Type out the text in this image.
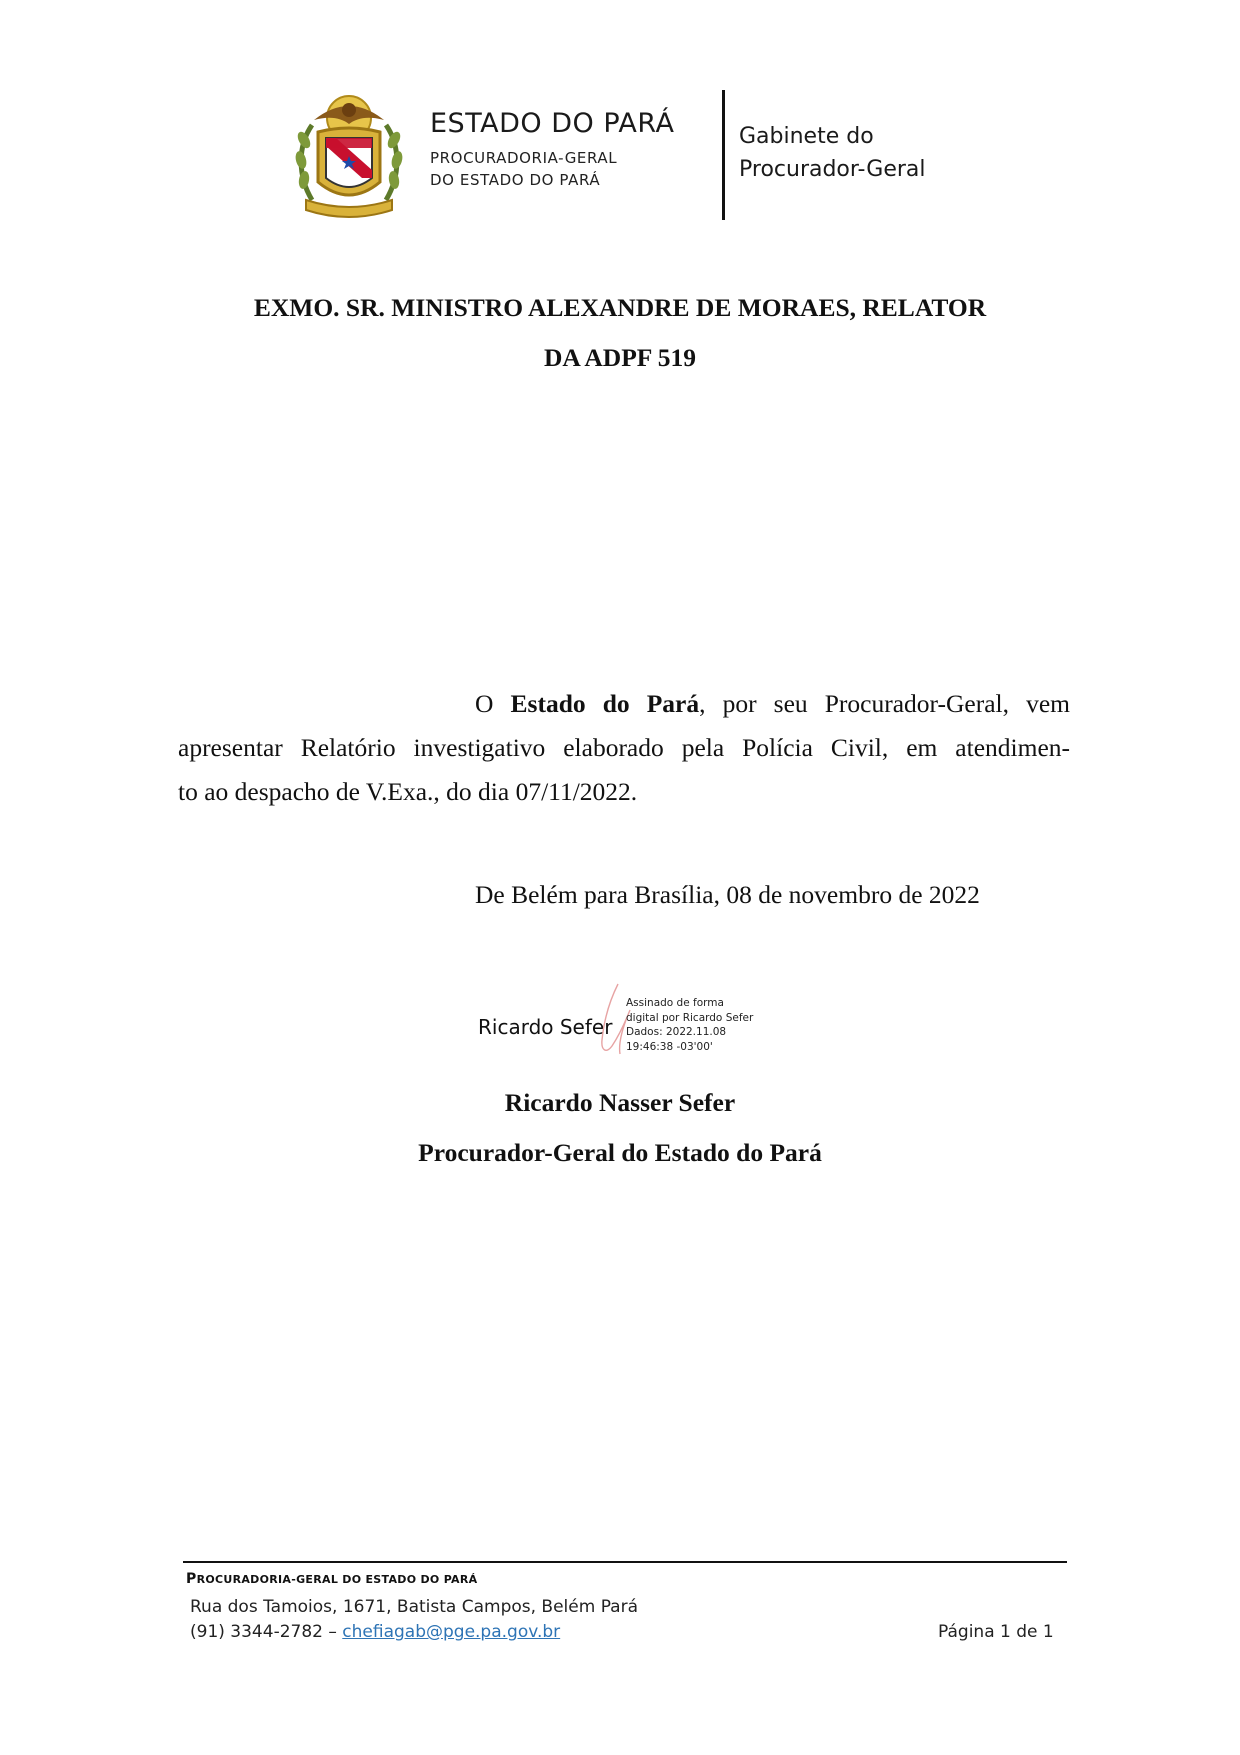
ESTADO DO PARÁ
PROCURADORIA-GERAL
DO ESTADO DO PARÁ
Gabinete do
Procurador-Geral
EXMO. SR. MINISTRO ALEXANDRE DE MORAES, RELATOR
DA ADPF 519
O Estado do Pará, por seu Procurador-Geral, vem
apresentar Relatório investigativo elaborado pela Polícia Civil, em atendimen-
to ao despacho de V.Exa., do dia 07/11/2022.
De Belém para Brasília, 08 de novembro de 2022
Ricardo Sefer
Assinado de forma
digital por Ricardo Sefer
Dados: 2022.11.08
19:46:38 -03'00'
Ricardo Nasser Sefer
Procurador-Geral do Estado do Pará
PROCURADORIA-GERAL DO ESTADO DO PARÁ
Rua dos Tamoios, 1671, Batista Campos, Belém Pará
(91) 3344-2782 – chefiagab@pge.pa.gov.br	Página 1 de 1
